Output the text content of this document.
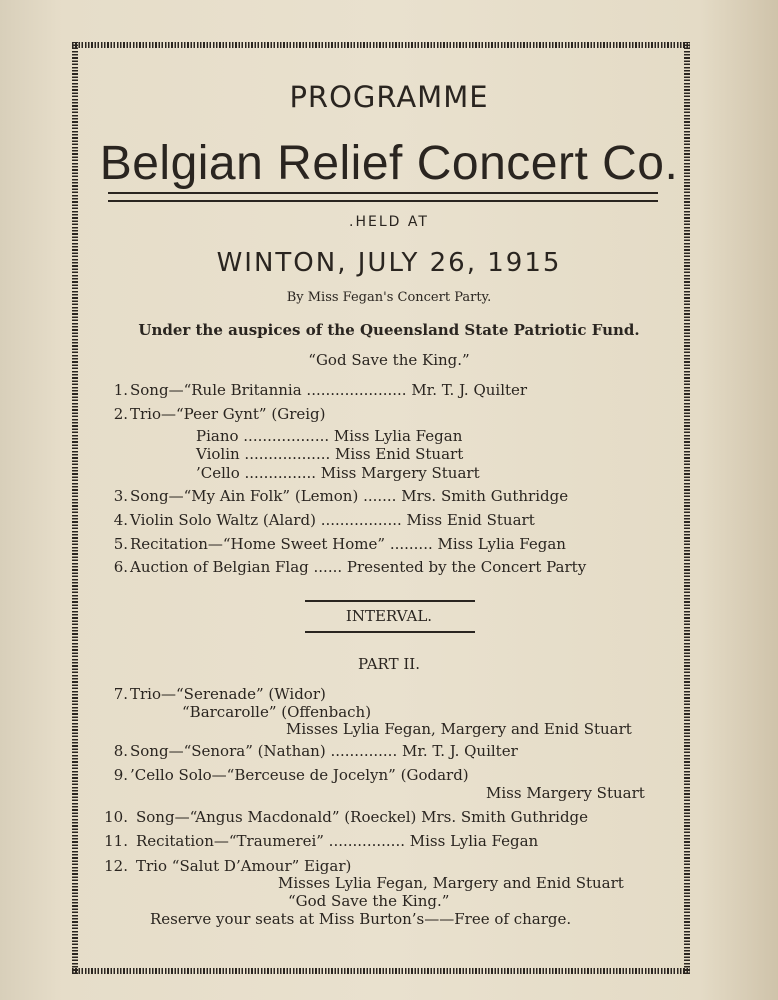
PROGRAMME
Belgian Relief Concert Co.
.HELD AT
WINTON, JULY 26, 1915
By Miss Fegan's Concert Party.
Under the auspices of the Queensland State Patriotic Fund.
“God Save the King.”
1. Song—“Rule Britannia ..................... Mr. T. J. Quilter
2. Trio—“Peer Gynt” (Greig)
Piano .................. Miss Lylia Fegan
Violin .................. Miss Enid Stuart
’Cello ............... Miss Margery Stuart
3. Song—“My Ain Folk” (Lemon) ....... Mrs. Smith Guthridge
4. Violin Solo Waltz (Alard) ................. Miss Enid Stuart
5. Recitation—“Home Sweet Home” ......... Miss Lylia Fegan
6. Auction of Belgian Flag ...... Presented by the Concert Party
INTERVAL.
PART II.
7. Trio—“Serenade” (Widor)
“Barcarolle” (Offenbach)
Misses Lylia Fegan, Margery and Enid Stuart
8. Song—“Senora” (Nathan) .............. Mr. T. J. Quilter
9. ’Cello Solo—“Berceuse de Jocelyn” (Godard)
Miss Margery Stuart
10. Song—“Angus Macdonald” (Roeckel) Mrs. Smith Guthridge
11. Recitation—“Traumerei” ................ Miss Lylia Fegan
12. Trio “Salut D’Amour” Eigar)
Misses Lylia Fegan, Margery and Enid Stuart
“God Save the King.”
Reserve your seats at Miss Burton’s——Free of charge.
